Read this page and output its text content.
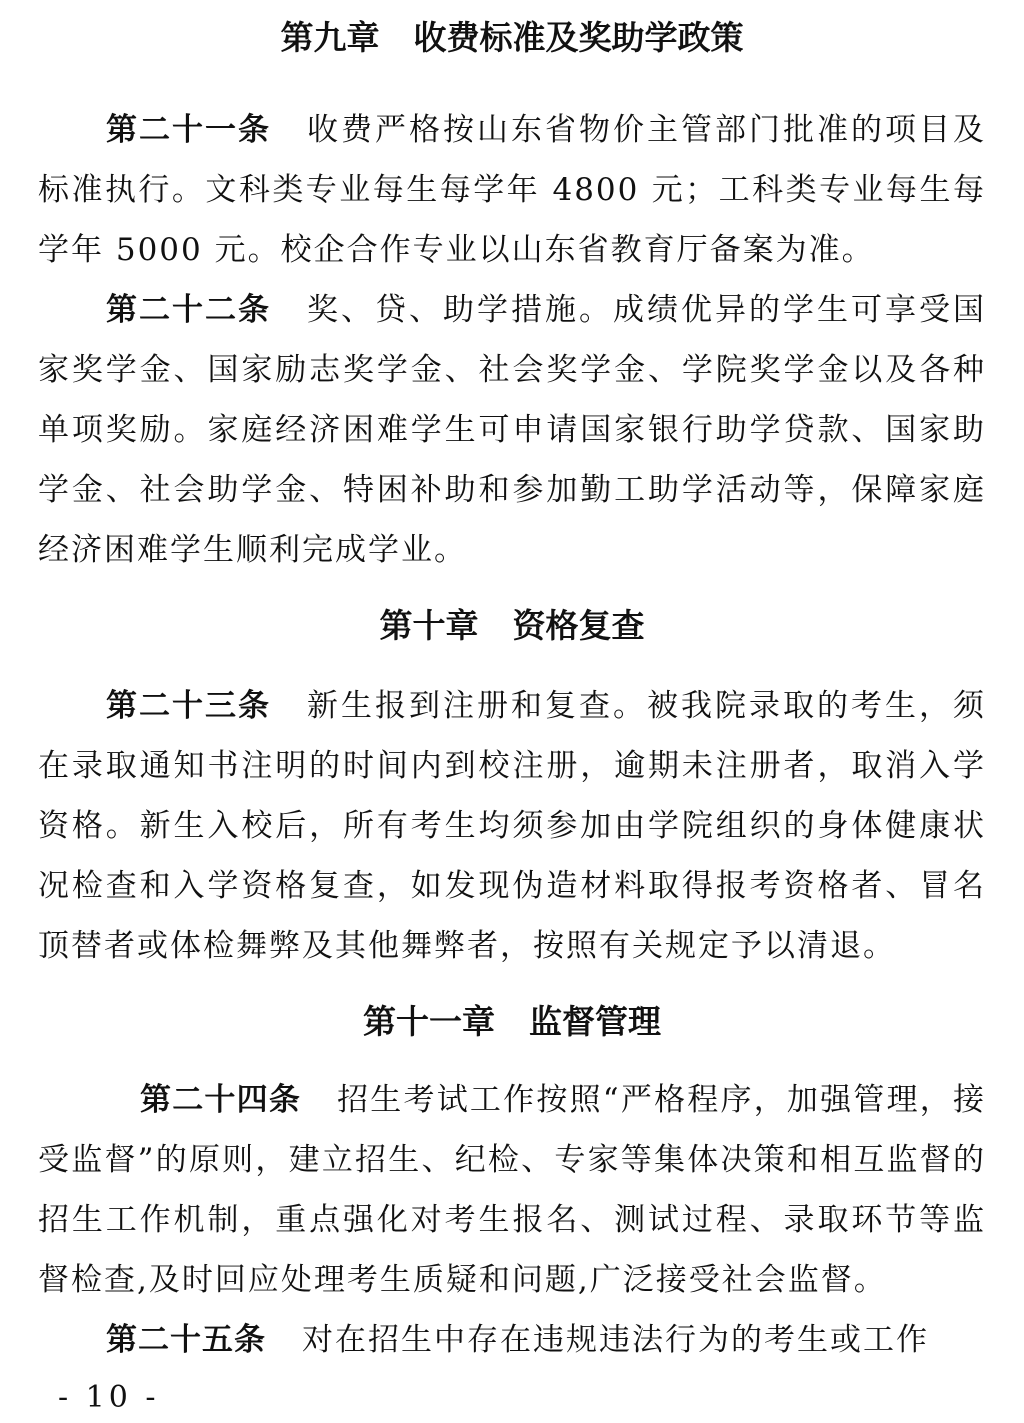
第九章 收费标准及奖助学政策
第二十一条 收费严格按山东省物价主管部门批准的项目及标准执行。文科类专业每生每学年 4800 元；工科类专业每生每学年 5000 元。校企合作专业以山东省教育厅备案为准。
第二十二条 奖、贷、助学措施。成绩优异的学生可享受国家奖学金、国家励志奖学金、社会奖学金、学院奖学金以及各种单项奖励。家庭经济困难学生可申请国家银行助学贷款、国家助学金、社会助学金、特困补助和参加勤工助学活动等，保障家庭经济困难学生顺利完成学业。
第十章 资格复查
第二十三条 新生报到注册和复查。被我院录取的考生，须在录取通知书注明的时间内到校注册，逾期未注册者，取消入学资格。新生入校后，所有考生均须参加由学院组织的身体健康状况检查和入学资格复查，如发现伪造材料取得报考资格者、冒名顶替者或体检舞弊及其他舞弊者，按照有关规定予以清退。
第十一章 监督管理
第二十四条 招生考试工作按照“严格程序，加强管理，接受监督”的原则，建立招生、纪检、专家等集体决策和相互监督的招生工作机制，重点强化对考生报名、测试过程、录取环节等监督检查,及时回应处理考生质疑和问题,广泛接受社会监督。
第二十五条 对在招生中存在违规违法行为的考生或工作
- 10 -
